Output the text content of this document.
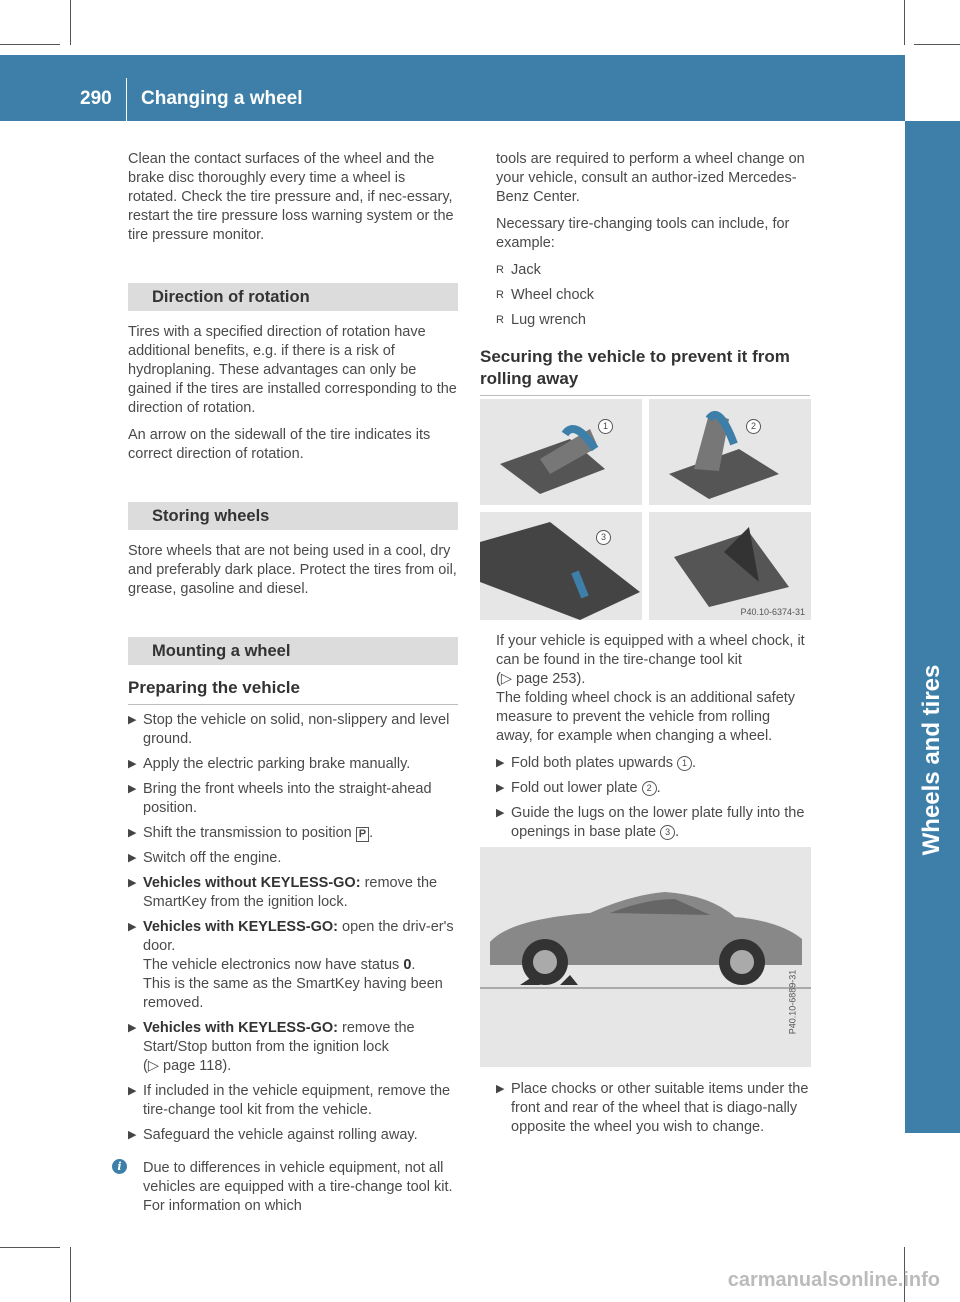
290 Changing a wheel
Wheels and tires

Clean the contact surfaces of the wheel and the brake disc thoroughly every time a wheel is rotated. Check the tire pressure and, if nec-essary, restart the tire pressure loss warning system or the tire pressure monitor.

Direction of rotation

Tires with a specified direction of rotation have additional benefits, e.g. if there is a risk of hydroplaning. These advantages can only be gained if the tires are installed corresponding to the direction of rotation.

An arrow on the sidewall of the tire indicates its correct direction of rotation.

Storing wheels

Store wheels that are not being used in a cool, dry and preferably dark place. Protect the tires from oil, grease, gasoline and diesel.

Mounting a wheel
Preparing the vehicle
▶ Stop the vehicle on solid, non-slippery and level ground.
▶ Apply the electric parking brake manually.
▶ Bring the front wheels into the straight-ahead position.
▶ Shift the transmission to position P .
▶ Switch off the engine.
▶ Vehicles without KEYLESS-GO: remove the SmartKey from the ignition lock.
▶ Vehicles with KEYLESS-GO: open the driv-er's door.
The vehicle electronics now have status 0.
This is the same as the SmartKey having been removed.
▶ Vehicles with KEYLESS-GO: remove the Start/Stop button from the ignition lock
(▷ page 118).
▶ If included in the vehicle equipment, remove the tire-change tool kit from the vehicle.
▶ Safeguard the vehicle against rolling away.
i	Due to differences in vehicle equipment, not all vehicles are equipped with a tire-change tool kit. For information on which

tools are required to perform a wheel change on your vehicle, consult an author-ized Mercedes-Benz Center.

Necessary tire-changing tools can include, for example:

R Jack
R Wheel chock
R Lug wrench
Securing the vehicle to prevent it from rolling away
1	2
3
P40.10-6374-31

If your vehicle is equipped with a wheel chock, it can be found in the tire-change tool kit
(▷ page 253).

The folding wheel chock is an additional safety measure to prevent the vehicle from rolling away, for example when changing a wheel.

▶ Fold both plates upwards 1 .
▶ Fold out lower plate 2 .
▶ Guide the lugs on the lower plate fully into the openings in base plate 3 .
P40.10-6889-31
▶ Place chocks or other suitable items under the front and rear of the wheel that is diago-nally opposite the wheel you wish to change.
carmanualsonline.info
